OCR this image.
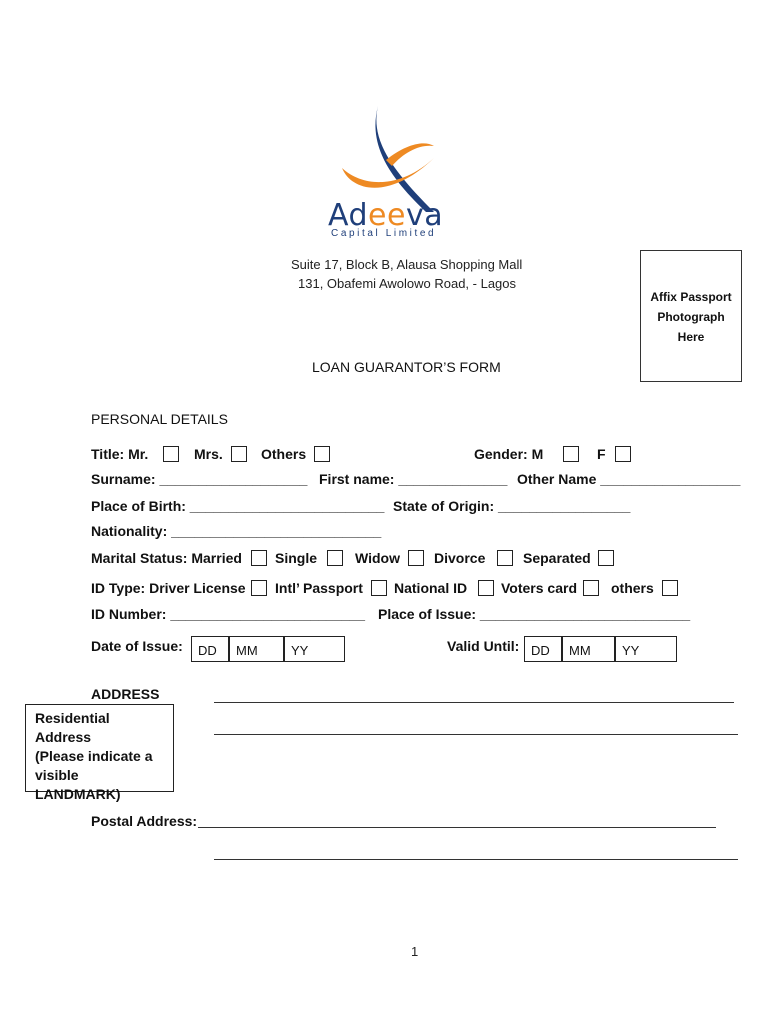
Adeeva
Capital Limited
Suite 17, Block B, Alausa Shopping Mall
131, Obafemi Awolowo Road, - Lagos
Affix Passport
Photograph
Here
LOAN GUARANTOR’S FORM
PERSONAL DETAILS
Title: Mr.	Mrs.	Others	Gender: M	F
Surname: ___________________ First name: ______________ Other Name __________________
Place of Birth: _________________________ State of Origin: _________________
Nationality: ___________________________
Marital Status: Married Single	Widow Divorce	Separated
ID Type: Driver License Intl’ Passport National ID Voters card others
ID Number: _________________________ Place of Issue: ___________________________
Date of Issue:	DD	MM	YY	Valid Until: DD	MM	YY
ADDRESS
Residential
Address
(Please indicate a
visible
LANDMARK)
Postal Address:
1
